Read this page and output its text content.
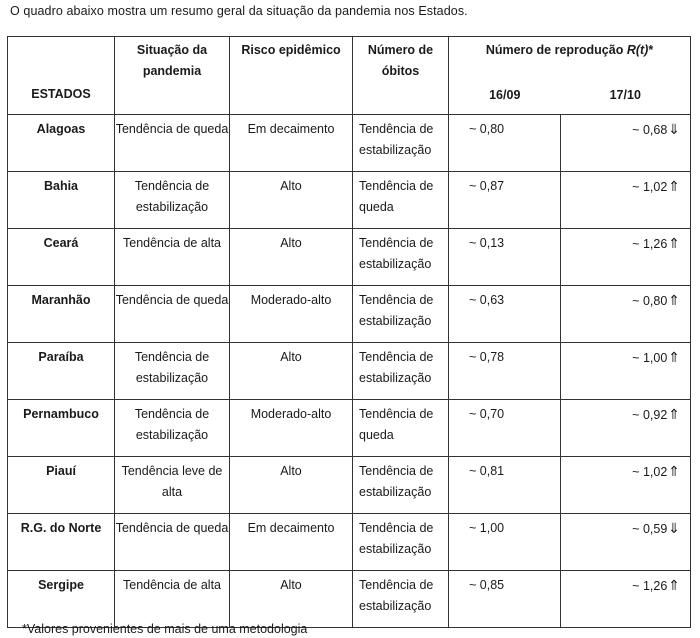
O quadro abaixo mostra um resumo geral da situação da pandemia nos Estados.
ESTADOS	Situação da pandemia	Risco epidêmico	Número de óbitos	Número de reprodução R(t)*	
				16/09	17/10
Alagoas	Tendência de queda	Em decaimento	Tendência de estabilização	~ 0,80	~ 0,68⇓
Bahia	Tendência de estabilização	Alto	Tendência de queda	~ 0,87	~ 1,02⇑
Ceará	Tendência de alta	Alto	Tendência de estabilização	~ 0,13	~ 1,26⇑
Maranhão	Tendência de queda	Moderado-alto	Tendência de estabilização	~ 0,63	~ 0,80⇑
Paraíba	Tendência de estabilização	Alto	Tendência de estabilização	~ 0,78	~ 1,00⇑
Pernambuco	Tendência de estabilização	Moderado-alto	Tendência de queda	~ 0,70	~ 0,92⇑
Piauí	Tendência leve de alta	Alto	Tendência de estabilização	~ 0,81	~ 1,02⇑
R.G. do Norte	Tendência de queda	Em decaimento	Tendência de estabilização	~ 1,00	~ 0,59⇓
Sergipe	Tendência de alta	Alto	Tendência de estabilização	~ 0,85	~ 1,26⇑
*Valores provenientes de mais de uma metodologia
